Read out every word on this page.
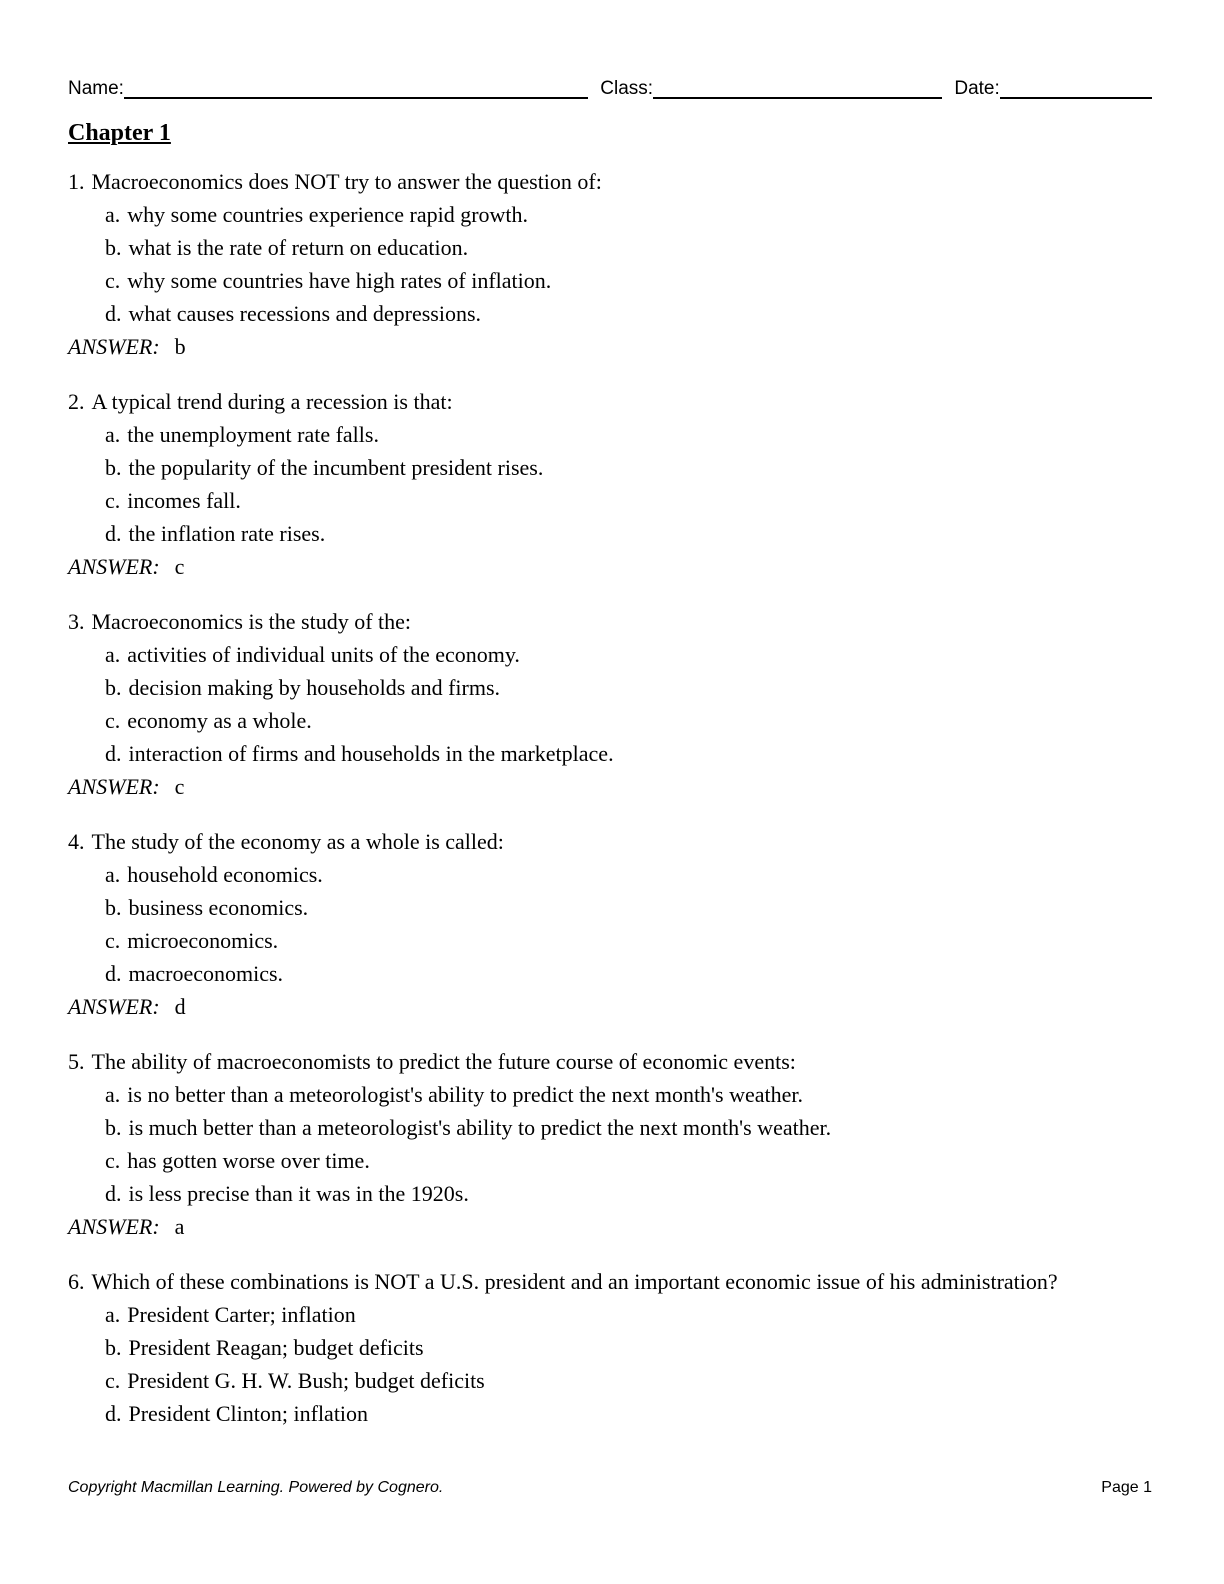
Name:	Class:	Date:
Chapter 1
1. Macroeconomics does NOT try to answer the question of:
a. why some countries experience rapid growth.
b. what is the rate of return on education.
c. why some countries have high rates of inflation.
d. what causes recessions and depressions.
ANSWER: b
2. A typical trend during a recession is that:
a. the unemployment rate falls.
b. the popularity of the incumbent president rises.
c. incomes fall.
d. the inflation rate rises.
ANSWER: c
3. Macroeconomics is the study of the:
a. activities of individual units of the economy.
b. decision making by households and firms.
c. economy as a whole.
d. interaction of firms and households in the marketplace.
ANSWER: c
4. The study of the economy as a whole is called:
a. household economics.
b. business economics.
c. microeconomics.
d. macroeconomics.
ANSWER: d
5. The ability of macroeconomists to predict the future course of economic events:
a. is no better than a meteorologist's ability to predict the next month's weather.
b. is much better than a meteorologist's ability to predict the next month's weather.
c. has gotten worse over time.
d. is less precise than it was in the 1920s.
ANSWER: a
6. Which of these combinations is NOT a U.S. president and an important economic issue of his administration?
a. President Carter; inflation
b. President Reagan; budget deficits
c. President G. H. W. Bush; budget deficits
d. President Clinton; inflation
Copyright Macmillan Learning. Powered by Cognero.	Page 1
